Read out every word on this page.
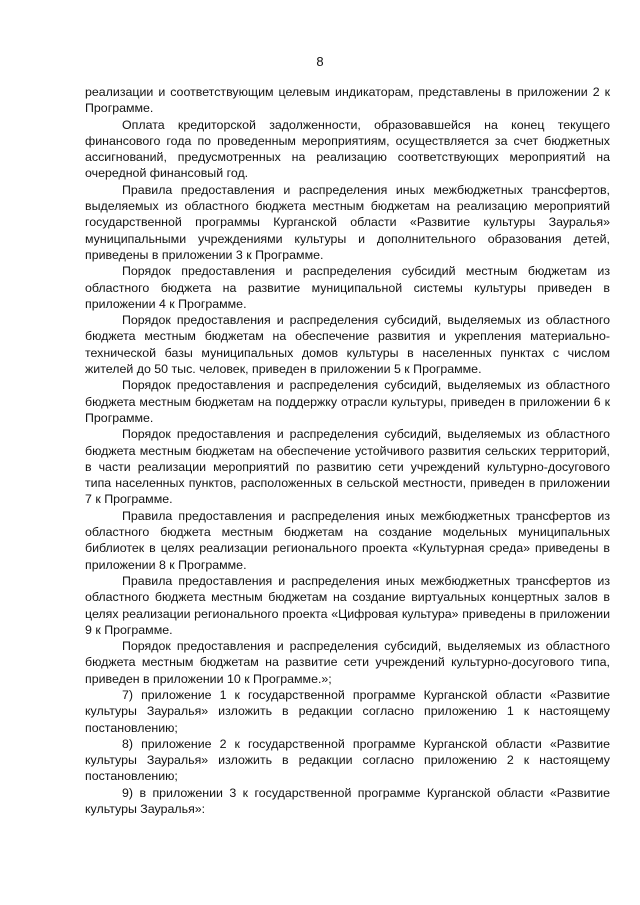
8

реализации и соответствующим целевым индикаторам, представлены в приложении 2 к Программе.

Оплата кредиторской задолженности, образовавшейся на конец текущего финансового года по проведенным мероприятиям, осуществляется за счет бюджетных ассигнований, предусмотренных на реализацию соответствующих мероприятий на очередной финансовый год.

Правила предоставления и распределения иных межбюджетных трансфертов, выделяемых из областного бюджета местным бюджетам на реализацию мероприятий государственной программы Курганской области «Развитие культуры Зауралья» муниципальными учреждениями культуры и дополнительного образования детей, приведены в приложении 3 к Программе.

Порядок предоставления и распределения субсидий местным бюджетам из областного бюджета на развитие муниципальной системы культуры приведен в приложении 4 к Программе.

Порядок предоставления и распределения субсидий, выделяемых из областного бюджета местным бюджетам на обеспечение развития и укрепления материально-технической базы муниципальных домов культуры в населенных пунктах с числом жителей до 50 тыс. человек, приведен в приложении 5 к Программе.

Порядок предоставления и распределения субсидий, выделяемых из областного бюджета местным бюджетам на поддержку отрасли культуры, приведен в приложении 6 к Программе.

Порядок предоставления и распределения субсидий, выделяемых из областного бюджета местным бюджетам на обеспечение устойчивого развития сельских территорий, в части реализации мероприятий по развитию сети учреждений культурно-досугового типа населенных пунктов, расположенных в сельской местности, приведен в приложении 7 к Программе.

Правила предоставления и распределения иных межбюджетных трансфертов из областного бюджета местным бюджетам на создание модельных муниципальных библиотек в целях реализации регионального проекта «Культурная среда» приведены в приложении 8 к Программе.

Правила предоставления и распределения иных межбюджетных трансфертов из областного бюджета местным бюджетам на создание виртуальных концертных залов в целях реализации регионального проекта «Цифровая культура» приведены в приложении 9 к Программе.

Порядок предоставления и распределения субсидий, выделяемых из областного бюджета местным бюджетам на развитие сети учреждений культурно-досугового типа, приведен в приложении 10 к Программе.»;

7) приложение 1 к государственной программе Курганской области «Развитие культуры Зауралья» изложить в редакции согласно приложению 1 к настоящему постановлению;

8) приложение 2 к государственной программе Курганской области «Развитие культуры Зауралья» изложить в редакции согласно приложению 2 к настоящему постановлению;

9) в приложении 3 к государственной программе Курганской области «Развитие культуры Зауралья»:
